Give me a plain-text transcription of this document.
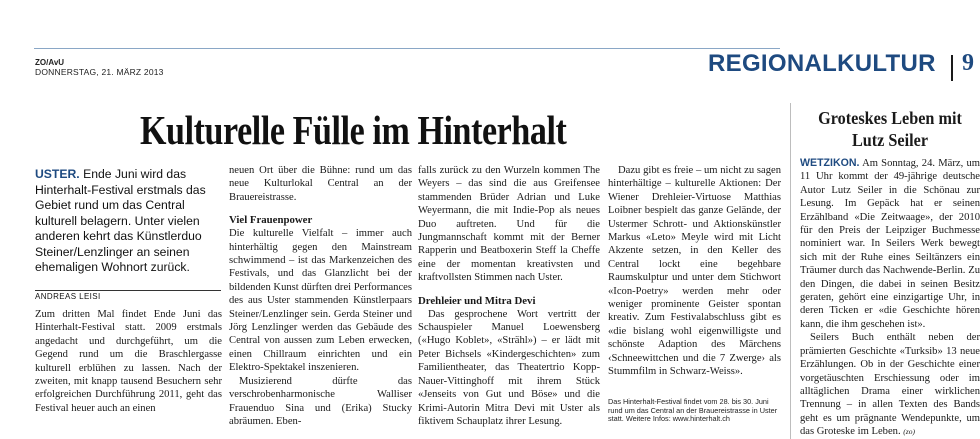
ZO/AvU
DONNERSTAG, 21. MÄRZ 2013	REGIONALKULTUR 9
Kulturelle Fülle im Hinterhalt
USTER. Ende Juni wird das Hinterhalt-Festival erstmals das Gebiet rund um das Central kulturell belagern. Unter vielen anderen kehrt das Künstlerduo Steiner/Lenzlinger an seinen ehemaligen Wohnort zurück.
ANDREAS LEISI

Zum dritten Mal findet Ende Juni das Hinterhalt-Festival statt. 2009 erstmals angedacht und durchgeführt, um die Gegend rund um die Braschlergasse kulturell erblühen zu lassen. Nach der zweiten, mit knapp tausend Besuchern sehr erfolgreichen Durchführung 2011, geht das Festival heuer auch an einen

neuen Ort über die Bühne: rund um das neue Kulturlokal Central an der Brauereistrasse.

Viel Frauenpower

Die kulturelle Vielfalt – immer auch hinterhältig gegen den Mainstream schwimmend – ist das Markenzeichen des Festivals, und das Glanzlicht bei der bildenden Kunst dürften drei Performances des aus Uster stammenden Künstlerpaars Steiner/Lenzlinger sein. Gerda Steiner und Jörg Lenzlinger werden das Gebäude des Central von aussen zum Leben erwecken, einen Chillraum einrichten und ein Elektro-Spektakel inszenieren.

Musizierend dürfte das verschrobenharmonische Walliser Frauenduo Sina und (Erika) Stucky abräumen. Eben-

falls zurück zu den Wurzeln kommen The Weyers – das sind die aus Greifensee stammenden Brüder Adrian und Luke Weyermann, die mit Indie-Pop als neues Duo auftreten. Und für die Jungmannschaft kommt mit der Berner Rapperin und Beatboxerin Steff la Cheffe eine der momentan kreativsten und kraftvollsten Stimmen nach Uster.

Drehleier und Mitra Devi

Das gesprochene Wort vertritt der Schauspieler Manuel Loewensberg («Hugo Koblet», «Strähl») – er lädt mit Peter Bichsels «Kindergeschichten» zum Familientheater, das Theatertrio Kopp-Nauer-Vittinghoff mit ihrem Stück «Jenseits von Gut und Böse» und die Krimi-Autorin Mitra Devi mit Uster als fiktivem Schauplatz ihrer Lesung.

Dazu gibt es freie – um nicht zu sagen hinterhältige – kulturelle Aktionen: Der Wiener Drehleier-Virtuose Matthias Loibner bespielt das ganze Gelände, der Ustermer Schrott- und Aktionskünstler Markus «Leto» Meyle wird mit Licht Akzente setzen, in den Keller des Central lockt eine begehbare Raumskulptur und unter dem Stichwort «Icon-Poetry» werden mehr oder weniger prominente Geister spontan kreativ. Zum Festivalabschluss gibt es «die bislang wohl eigenwilligste und schönste Adaption des Märchens ‹Schneewittchen und die 7 Zwerge› als Stummfilm in Schwarz-Weiss».

Das Hinterhalt-Festival findet vom 28. bis 30. Juni rund um das Central an der Brauereistrasse in Uster statt. Weitere Infos: www.hinterhalt.ch
Groteskes Leben mit Lutz Seiler

WETZIKON. Am Sonntag, 24. März, um 11 Uhr kommt der 49-jährige deutsche Autor Lutz Seiler in die Schönau zur Lesung. Im Gepäck hat er seinen Erzählband «Die Zeitwaage», der 2010 für den Preis der Leipziger Buchmesse nominiert war. In Seilers Werk bewegt sich mit der Ruhe eines Seiltänzers ein Träumer durch das Nachwende-Berlin. Zu den Dingen, die dabei in seinen Besitz geraten, gehört eine einzigartige Uhr, in deren Ticken er «die Geschichte hören kann, die ihm geschehen ist».

Seilers Buch enthält neben der prämierten Geschichte «Turksib» 13 neue Erzählungen. Ob in der Geschichte einer vorgetäuschten Erschiessung oder im alltäglichen Drama einer wirklichen Trennung – in allen Texten des Bands geht es um prägnante Wendepunkte, um das Groteske im Leben. (zo)
